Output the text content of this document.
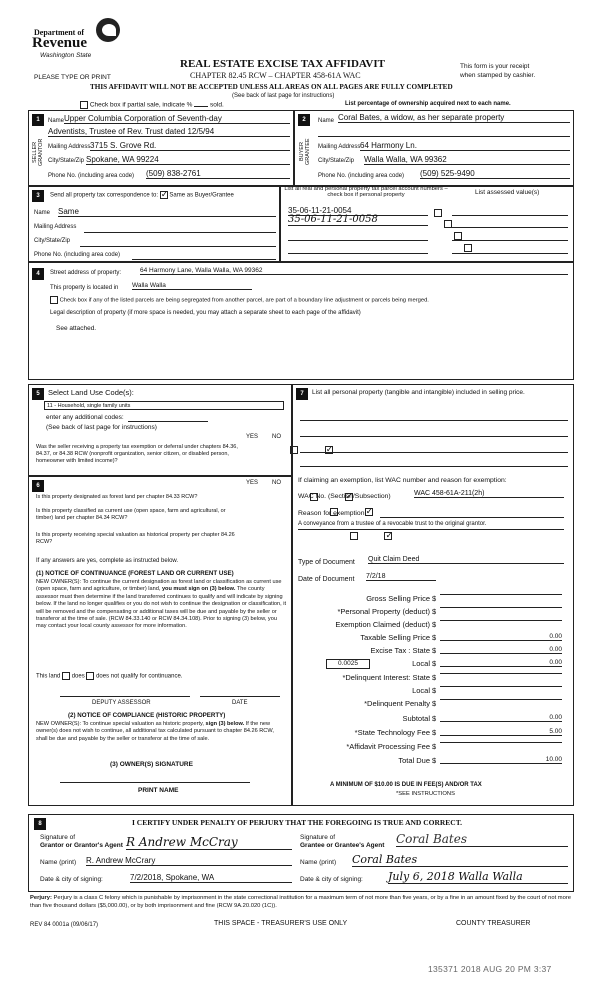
Department of
Revenue
Washington State
REAL ESTATE EXCISE TAX AFFIDAVIT
CHAPTER 82.45 RCW – CHAPTER 458-61A WAC
PLEASE TYPE OR PRINT
This form is your receipt
when stamped by cashier.
THIS AFFIDAVIT WILL NOT BE ACCEPTED UNLESS ALL AREAS ON ALL PAGES ARE FULLY COMPLETED
(See back of last page for instructions)
Check box if partial sale, indicate %	sold.	List percentage of ownership acquired next to each name.
1
SELLER GRANTOR
Name Upper Columbia Corporation of Seventh-day
Adventists, Trustee of Rev. Trust dated 12/5/94
Mailing Address 3715 S. Grove Rd.
City/State/Zip Spokane, WA 99224
Phone No. (including area code) (509) 838-2761
2
BUYER GRANTEE
Name Coral Bates, a widow, as her separate property
Mailing Address 64 Harmony Ln.
City/State/Zip Walla Walla, WA 99362
Phone No. (including area code) (509) 525-9490
3	Send all property tax correspondence to: ✓ Same as Buyer/Grantee
Name Same
Mailing Address
City/State/Zip
Phone No. (including area code)
List all real and personal property tax parcel account numbers – check box if personal property	List assessed value(s)
35-06-11-21-0054
35-06-11-21-0058

4	Street address of property:	64 Harmony Lane, Walla Walla, WA 99362
This property is located in Walla Walla
Check box if any of the listed parcels are being segregated from another parcel, are part of a boundary line adjustment or parcels being merged.
Legal description of property (if more space is needed, you may attach a separate sheet to each page of the affidavit)
See attached.
5	Select Land Use Code(s):
11 - Household, single family units
enter any additional codes:
(See back of last page for instructions)
YES NO
Was the seller receiving a property tax exemption or deferral under chapters 84.36, 84.37, or 84.38 RCW (nonprofit organization, senior citizen, or disabled person, homeowner with limited income)?
✓
6	YES NO
Is this property designated as forest land per chapter 84.33 RCW?
✓
Is this property classified as current use (open space, farm and agricultural, or timber) land per chapter 84.34 RCW?
✓
Is this property receiving special valuation as historical property per chapter 84.26 RCW?
✓
If any answers are yes, complete as instructed below.
(1) NOTICE OF CONTINUANCE (FOREST LAND OR CURRENT USE)
NEW OWNER(S): To continue the current designation as forest land or classification as current use (open space, farm and agriculture, or timber) land, you must sign on (3) below. The county assessor must then determine if the land transferred continues to qualify and will indicate by signing below. If the land no longer qualifies or you do not wish to continue the designation or classification, it will be removed and the compensating or additional taxes will be due and payable by the seller or transferor at the time of sale. (RCW 84.33.140 or RCW 84.34.108). Prior to signing (3) below, you may contact your local county assessor for more information.
This land does does not qualify for continuance.
DEPUTY ASSESSOR	DATE
(2) NOTICE OF COMPLIANCE (HISTORIC PROPERTY)
NEW OWNER(S): To continue special valuation as historic property, sign (3) below. If the new owner(s) does not wish to continue, all additional tax calculated pursuant to chapter 84.26 RCW, shall be due and payable by the seller or transferor at the time of sale.
(3) OWNER(S) SIGNATURE
PRINT NAME
7	List all personal property (tangible and intangible) included in selling price.
If claiming an exemption, list WAC number and reason for exemption:
WAC No. (Section/Subsection)	WAC 458-61A-211(2h)
Reason for exemption
A conveyance from a trustee of a revocable trust to the original grantor.
Type of Document Quit Claim Deed
Date of Document 7/2/18
Gross Selling Price $
*Personal Property (deduct) $
Exemption Claimed (deduct) $
Taxable Selling Price $	0.00
Excise Tax : State $	0.00
0.0025	Local $	0.00
*Delinquent Interest: State $
Local $
*Delinquent Penalty $
Subtotal $	0.00
*State Technology Fee $	5.00
*Affidavit Processing Fee $
Total Due $	10.00
A MINIMUM OF $10.00 IS DUE IN FEE(S) AND/OR TAX
*SEE INSTRUCTIONS
8	I CERTIFY UNDER PENALTY OF PERJURY THAT THE FOREGOING IS TRUE AND CORRECT.
Signature of
Grantor or Grantor's Agent R Andrew McCray
Name (print) R. Andrew McCrary
Date & city of signing:	7/2/2018, Spokane, WA
Signature of
Grantee or Grantee's Agent Coral Bates
Name (print) Coral Bates
Date & city of signing: July 6, 2018 Walla Walla
Perjury: Perjury is a class C felony which is punishable by imprisonment in the state correctional institution for a maximum term of not more than five years, or by a fine in an amount fixed by the court of not more than five thousand dollars ($5,000.00), or by both imprisonment and fine (RCW 9A.20.020 (1C)).
REV 84 0001a (09/06/17)	THIS SPACE - TREASURER'S USE ONLY	COUNTY TREASURER
135371 2018 AUG 20 PM 3:37
